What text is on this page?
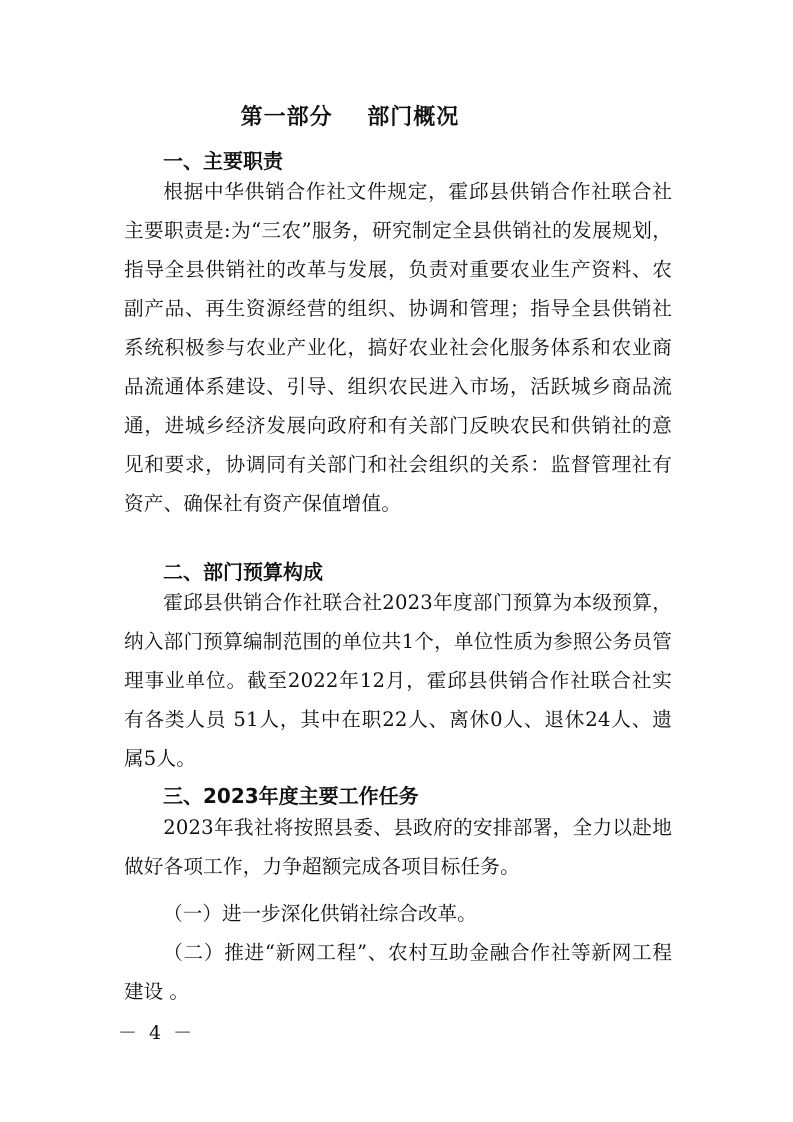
第一部分    部门概况
一、主要职责

根据中华供销合作社文件规定，霍邱县供销合作社联合社主要职责是:为“三农”服务，研究制定全县供销社的发展规划，指导全县供销社的改革与发展，负责对重要农业生产资料、农副产品、再生资源经营的组织、协调和管理；指导全县供销社系统积极参与农业产业化，搞好农业社会化服务体系和农业商品流通体系建设、引导、组织农民进入市场，活跃城乡商品流通，进城乡经济发展向政府和有关部门反映农民和供销社的意见和要求，协调同有关部门和社会组织的关系：监督管理社有资产、确保社有资产保值增值。

二、部门预算构成

霍邱县供销合作社联合社2023年度部门预算为本级预算，纳入部门预算编制范围的单位共1个，单位性质为参照公务员管理事业单位。截至2022年12月，霍邱县供销合作社联合社实有各类人员 51人，其中在职22人、离休0人、退休24人、遗属5人。

三、2023年度主要工作任务

2023年我社将按照县委、县政府的安排部署，全力以赴地做好各项工作，力争超额完成各项目标任务。

（一）进一步深化供销社综合改革。

（二）推进“新网工程”、农村互助金融合作社等新网工程建设 。

－ 4 －
